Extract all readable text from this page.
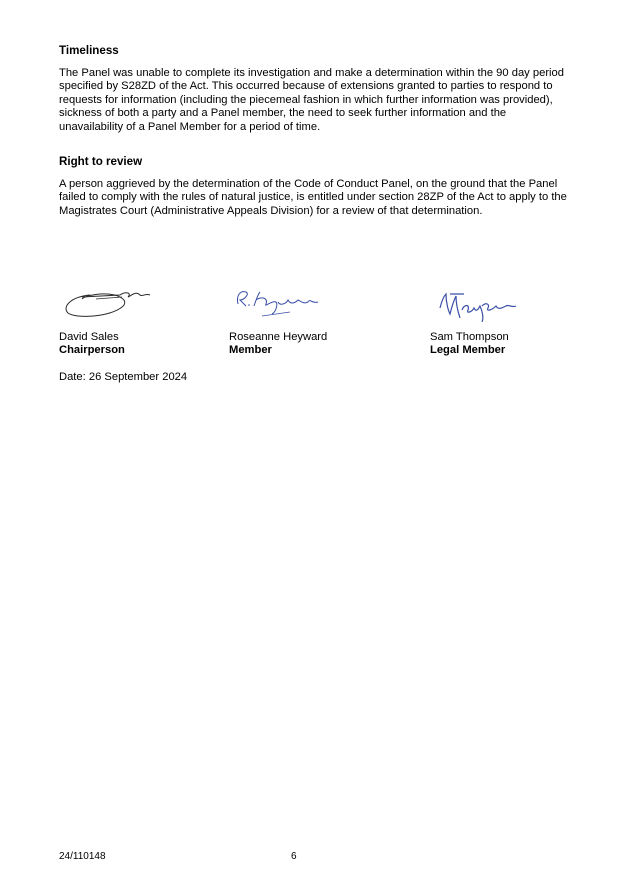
Timeliness

The Panel was unable to complete its investigation and make a determination within the 90 day period specified by S28ZD of the Act. This occurred because of extensions granted to parties to respond to requests for information (including the piecemeal fashion in which further information was provided), sickness of both a party and a Panel member, the need to seek further information and the unavailability of a Panel Member for a period of time.

Right to review

A person aggrieved by the determination of the Code of Conduct Panel, on the ground that the Panel failed to comply with the rules of natural justice, is entitled under section 28ZP of the Act to apply to the Magistrates Court (Administrative Appeals Division) for a review of that determination.

David Sales
Chairperson
Roseanne Heyward
Member
Sam Thompson
Legal Member
Date: 26 September 2024
24/110148	6
